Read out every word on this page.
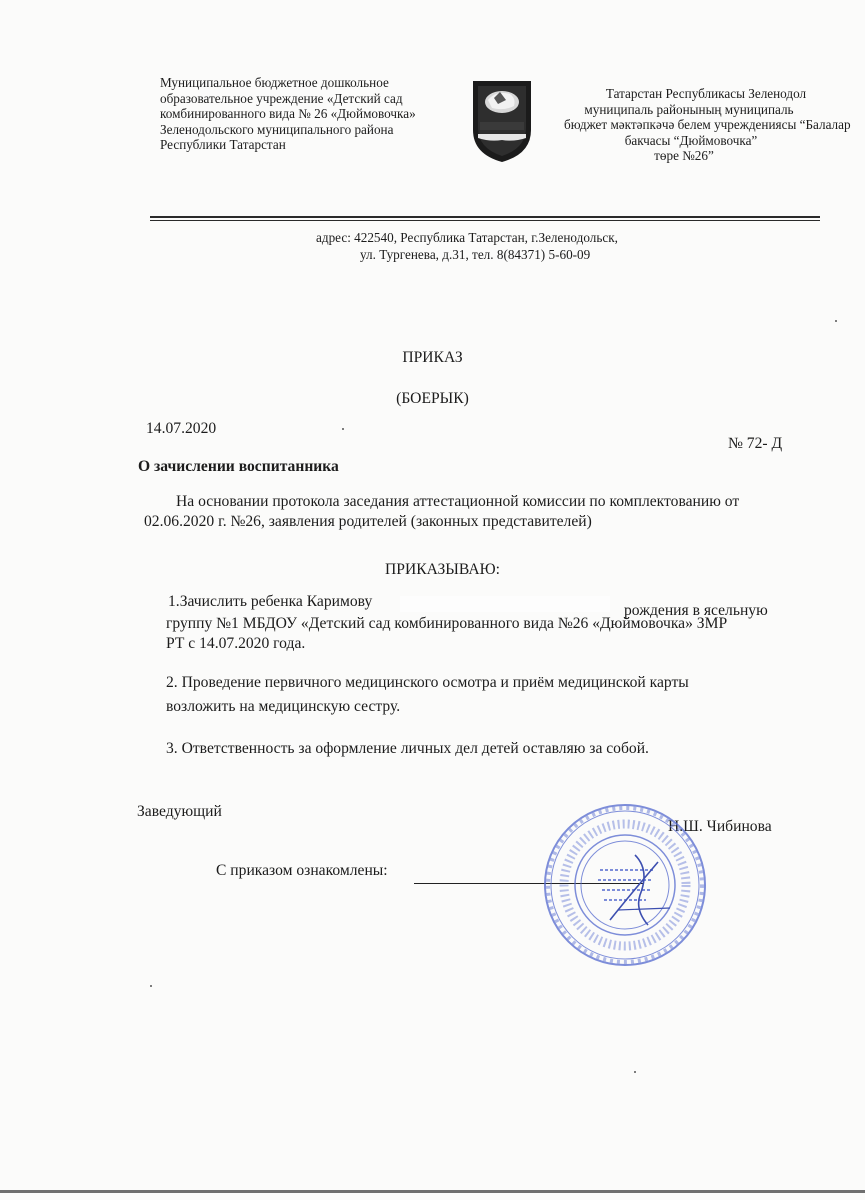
Муниципальное бюджетное дошкольное
образовательное учреждение «Детский сад
комбинированного вида № 26 «Дюймовочка»
Зеленодольского муниципального района
Республики Татарстан
Татарстан Республикасы Зеленодол
муниципаль районының муниципаль
бюджет мәктәпкәчә белем учреждениясы “Балалар
бакчасы “Дюймовочка”
төре №26”
адрес: 422540, Республика Татарстан, г.Зеленодольск,
ул. Тургенева, д.31, тел. 8(84371) 5-60-09
ПРИКАЗ
(БОЕРЫК)
14.07.2020
№ 72- Д
О зачислении воспитанника
На основании протокола заседания аттестационной комиссии по комплектованию от
02.06.2020 г. №26, заявления родителей (законных представителей)
ПРИКАЗЫВАЮ:
1.Зачислить ребенка Каримову
рождения в ясельную
группу №1 МБДОУ «Детский сад комбинированного вида №26 «Дюймовочка» ЗМР
РТ с 14.07.2020 года.
2. Проведение первичного медицинского осмотра и приём медицинской карты
возложить на медицинскую сестру.
3. Ответственность за оформление личных дел детей оставляю за собой.
Заведующий
Н.Ш. Чибинова
С приказом ознакомлены:
